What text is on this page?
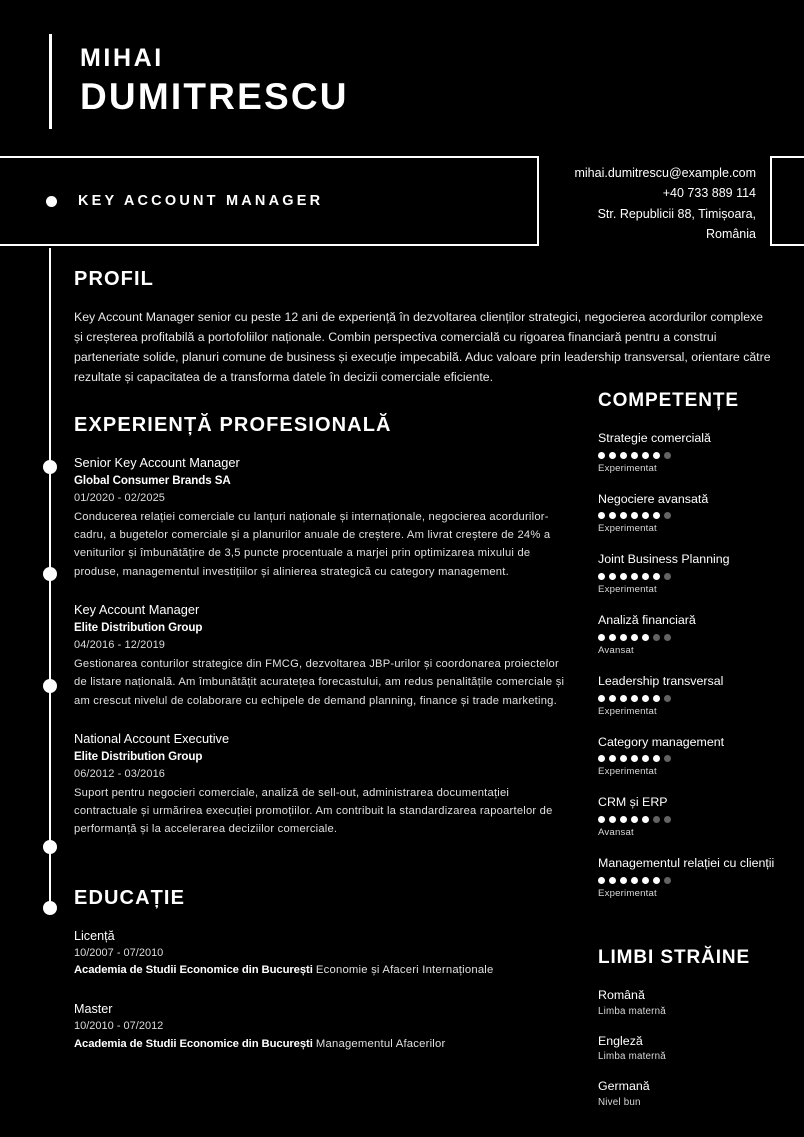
MIHAI
DUMITRESCU
KEY ACCOUNT MANAGER
mihai.dumitrescu@example.com
+40 733 889 114
Str. Republicii 88, Timișoara,
România
PROFIL
Key Account Manager senior cu peste 12 ani de experiență în dezvoltarea clienților strategici, negocierea acordurilor complexe și creșterea profitabilă a portofoliilor naționale. Combin perspectiva comercială cu rigoarea financiară pentru a construi parteneriate solide, planuri comune de business și execuție impecabilă. Aduc valoare prin leadership transversal, orientare către rezultate și capacitatea de a transforma datele în decizii comerciale eficiente.
EXPERIENȚĂ PROFESIONALĂ
Senior Key Account Manager
Global Consumer Brands SA
01/2020 - 02/2025
Conducerea relației comerciale cu lanțuri naționale și internaționale, negocierea acordurilor-cadru, a bugetelor comerciale și a planurilor anuale de creștere. Am livrat creștere de 24% a veniturilor și îmbunătățire de 3,5 puncte procentuale a marjei prin optimizarea mixului de produse, managementul investițiilor și alinierea strategică cu category management.
Key Account Manager
Elite Distribution Group
04/2016 - 12/2019
Gestionarea conturilor strategice din FMCG, dezvoltarea JBP-urilor și coordonarea proiectelor de listare națională. Am îmbunătățit acuratețea forecastului, am redus penalitățile comerciale și am crescut nivelul de colaborare cu echipele de demand planning, finance și trade marketing.
National Account Executive
Elite Distribution Group
06/2012 - 03/2016
Suport pentru negocieri comerciale, analiză de sell-out, administrarea documentației contractuale și urmărirea execuției promoțiilor. Am contribuit la standardizarea rapoartelor de performanță și la accelerarea deciziilor comerciale.
EDUCAȚIE
Licență
10/2007 - 07/2010
Academia de Studii Economice din București Economie și Afaceri Internaționale
Master
10/2010 - 07/2012
Academia de Studii Economice din București Managementul Afacerilor
COMPETENȚE
Strategie comercială
Experimentat
Negociere avansată
Experimentat
Joint Business Planning
Experimentat
Analiză financiară
Avansat
Leadership transversal
Experimentat
Category management
Experimentat
CRM și ERP
Avansat
Managementul relației cu clienții
Experimentat
LIMBI STRĂINE
Română
Limba maternă
Engleză
Limba maternă
Germană
Nivel bun
